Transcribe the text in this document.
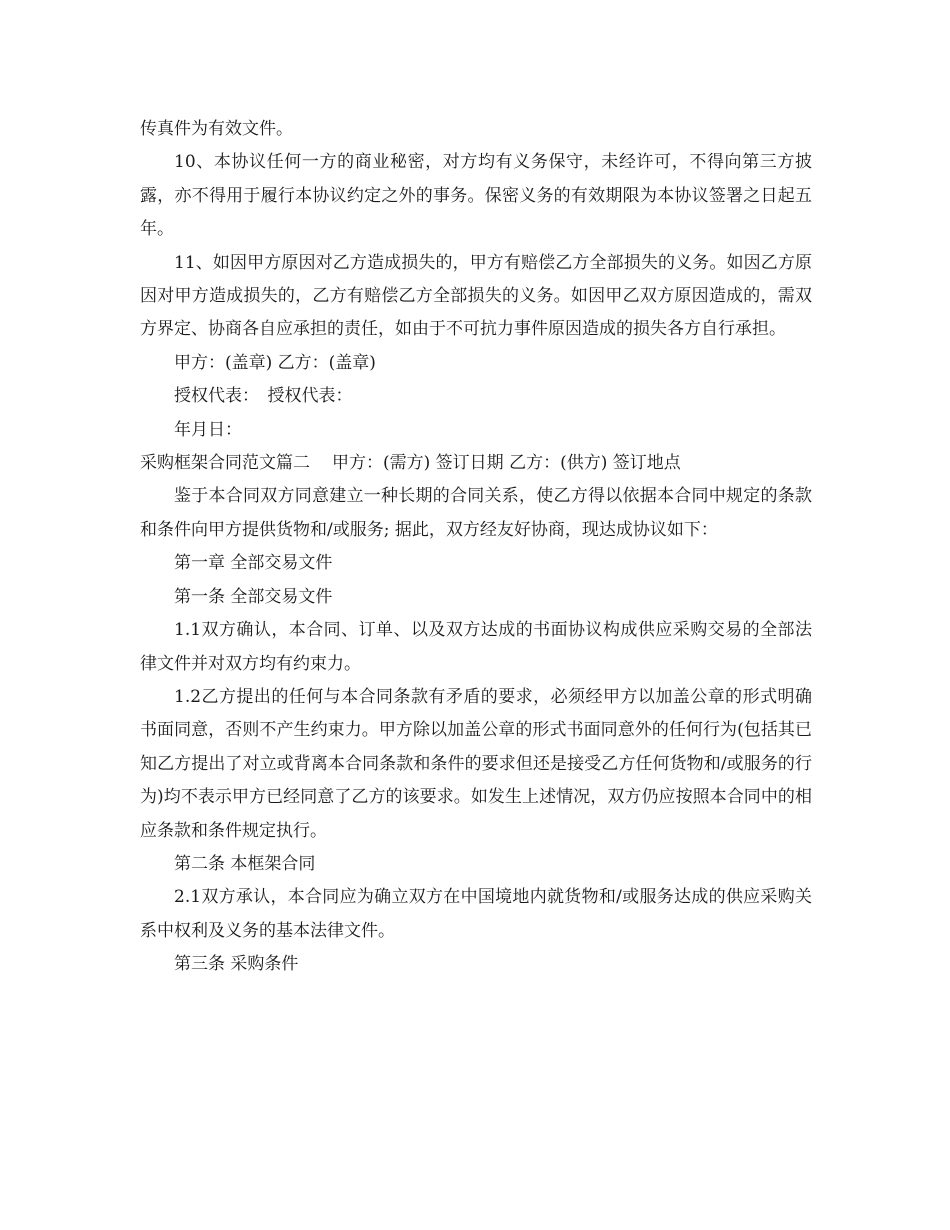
传真件为有效文件。

10、本协议任何一方的商业秘密，对方均有义务保守，未经许可，不得向第三方披露，亦不得用于履行本协议约定之外的事务。保密义务的有效期限为本协议签署之日起五年。

11、如因甲方原因对乙方造成损失的，甲方有赔偿乙方全部损失的义务。如因乙方原因对甲方造成损失的，乙方有赔偿乙方全部损失的义务。如因甲乙双方原因造成的，需双方界定、协商各自应承担的责任，如由于不可抗力事件原因造成的损失各方自行承担。

甲方：(盖章) 乙方：(盖章)

授权代表：　授权代表：

年月日：

采购框架合同范文篇二 甲方：(需方) 签订日期 乙方：(供方) 签订地点

鉴于本合同双方同意建立一种长期的合同关系，使乙方得以依据本合同中规定的条款和条件向甲方提供货物和/或服务; 据此，双方经友好协商，现达成协议如下：

第一章 全部交易文件

第一条 全部交易文件

1.1双方确认，本合同、订单、以及双方达成的书面协议构成供应采购交易的全部法律文件并对双方均有约束力。

1.2乙方提出的任何与本合同条款有矛盾的要求，必须经甲方以加盖公章的形式明确书面同意，否则不产生约束力。甲方除以加盖公章的形式书面同意外的任何行为(包括其已知乙方提出了对立或背离本合同条款和条件的要求但还是接受乙方任何货物和/或服务的行为)均不表示甲方已经同意了乙方的该要求。如发生上述情况，双方仍应按照本合同中的相应条款和条件规定执行。

第二条 本框架合同

2.1双方承认，本合同应为确立双方在中国境地内就货物和/或服务达成的供应采购关系中权利及义务的基本法律文件。

第三条 采购条件
